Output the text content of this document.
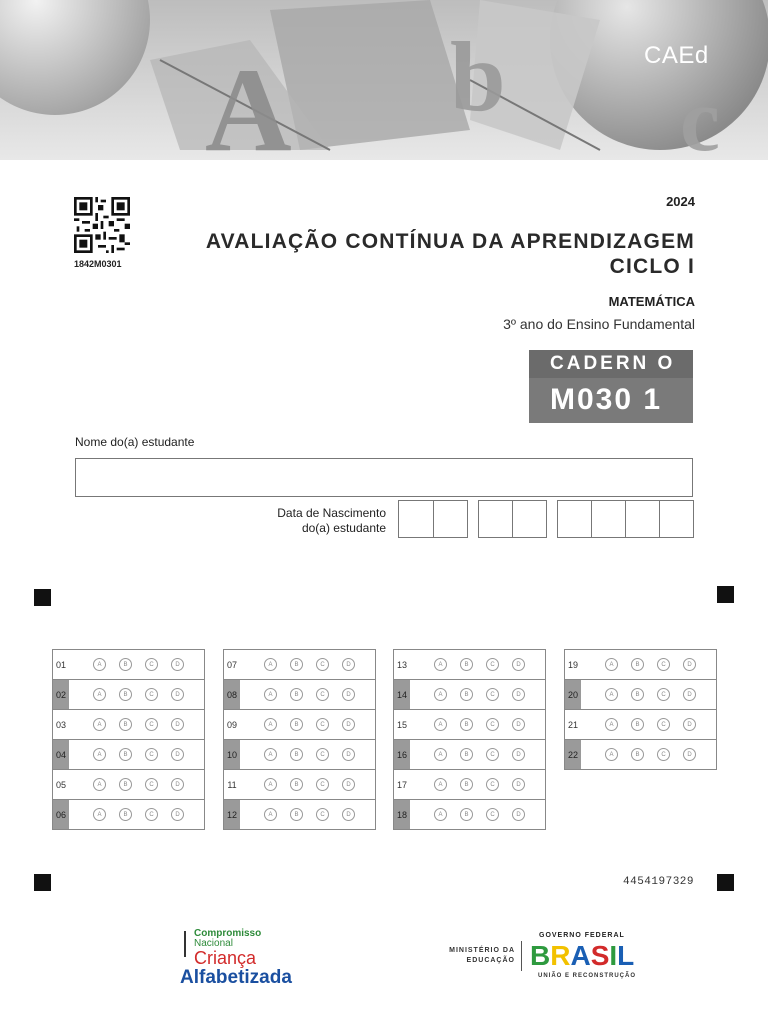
A b c
CAEd
1842M0301
2024
AVALIAÇÃO CONTÍNUA DA APRENDIZAGEM
CICLO I
MATEMÁTICA
3º ano do Ensino Fundamental
CADERN O
M030 1
Nome do(a) estudante
Data de Nascimento
do(a) estudante
01	A	B	C	D
02	A	B	C	D
03	A	B	C	D
04	A	B	C	D
05	A	B	C	D
06	A	B	C	D
07	A	B	C	D
08	A	B	C	D
09	A	B	C	D
10	A	B	C	D
11	A	B	C	D
12	A	B	C	D
13	A	B	C	D
14	A	B	C	D
15	A	B	C	D
16	A	B	C	D
17	A	B	C	D
18	A	B	C	D
19	A	B	C	D
20	A	B	C	D
21	A	B	C	D
22	A	B	C	D
4454197329
Compromisso
Nacional
Criança
Alfabetizada
MINISTÉRIO DA
EDUCAÇÃO
GOVERNO FEDERAL
BRASIL
UNIÃO E RECONSTRUÇÃO
